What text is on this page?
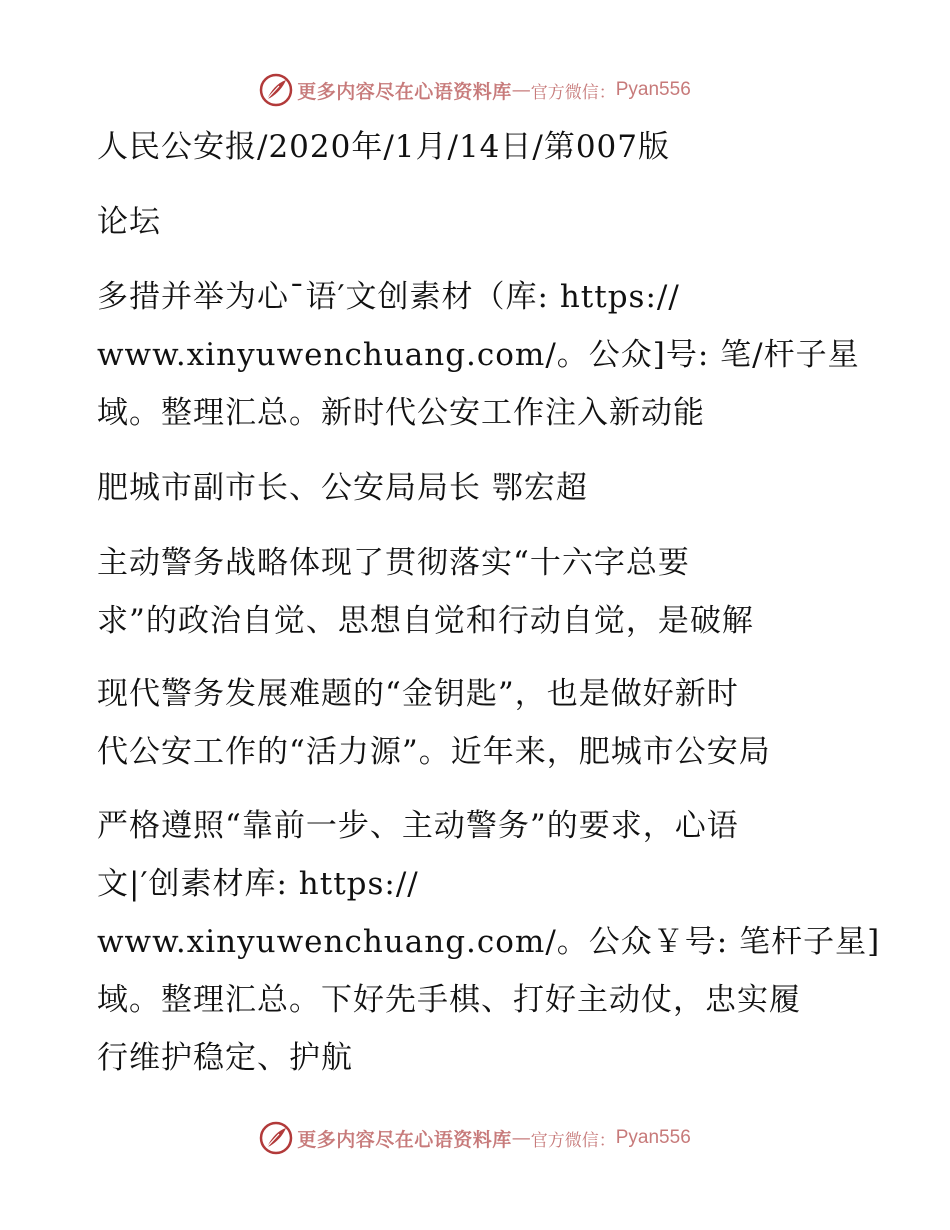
更多内容尽在心语资料库 — 官方微信： Pyan556
人民公安报/2020年/1月/14日/第007版
论坛
多措并举为心¯语′文创素材（库: https://
www.xinyuwenchuang.com/。公众]号: 笔/杆子星
域。整理汇总。新时代公安工作注入新动能
肥城市副市长、公安局局长 鄂宏超
主动警务战略体现了贯彻落实“十六字总要
求”的政治自觉、思想自觉和行动自觉，是破解
现代警务发展难题的“金钥匙”，也是做好新时
代公安工作的“活力源”。近年来，肥城市公安局
严格遵照“靠前一步、主动警务”的要求，心语
文|′创素材库: https://
www.xinyuwenchuang.com/。公众￥号: 笔杆子星]
域。整理汇总。下好先手棋、打好主动仗，忠实履
行维护稳定、护航
更多内容尽在心语资料库 — 官方微信： Pyan556
